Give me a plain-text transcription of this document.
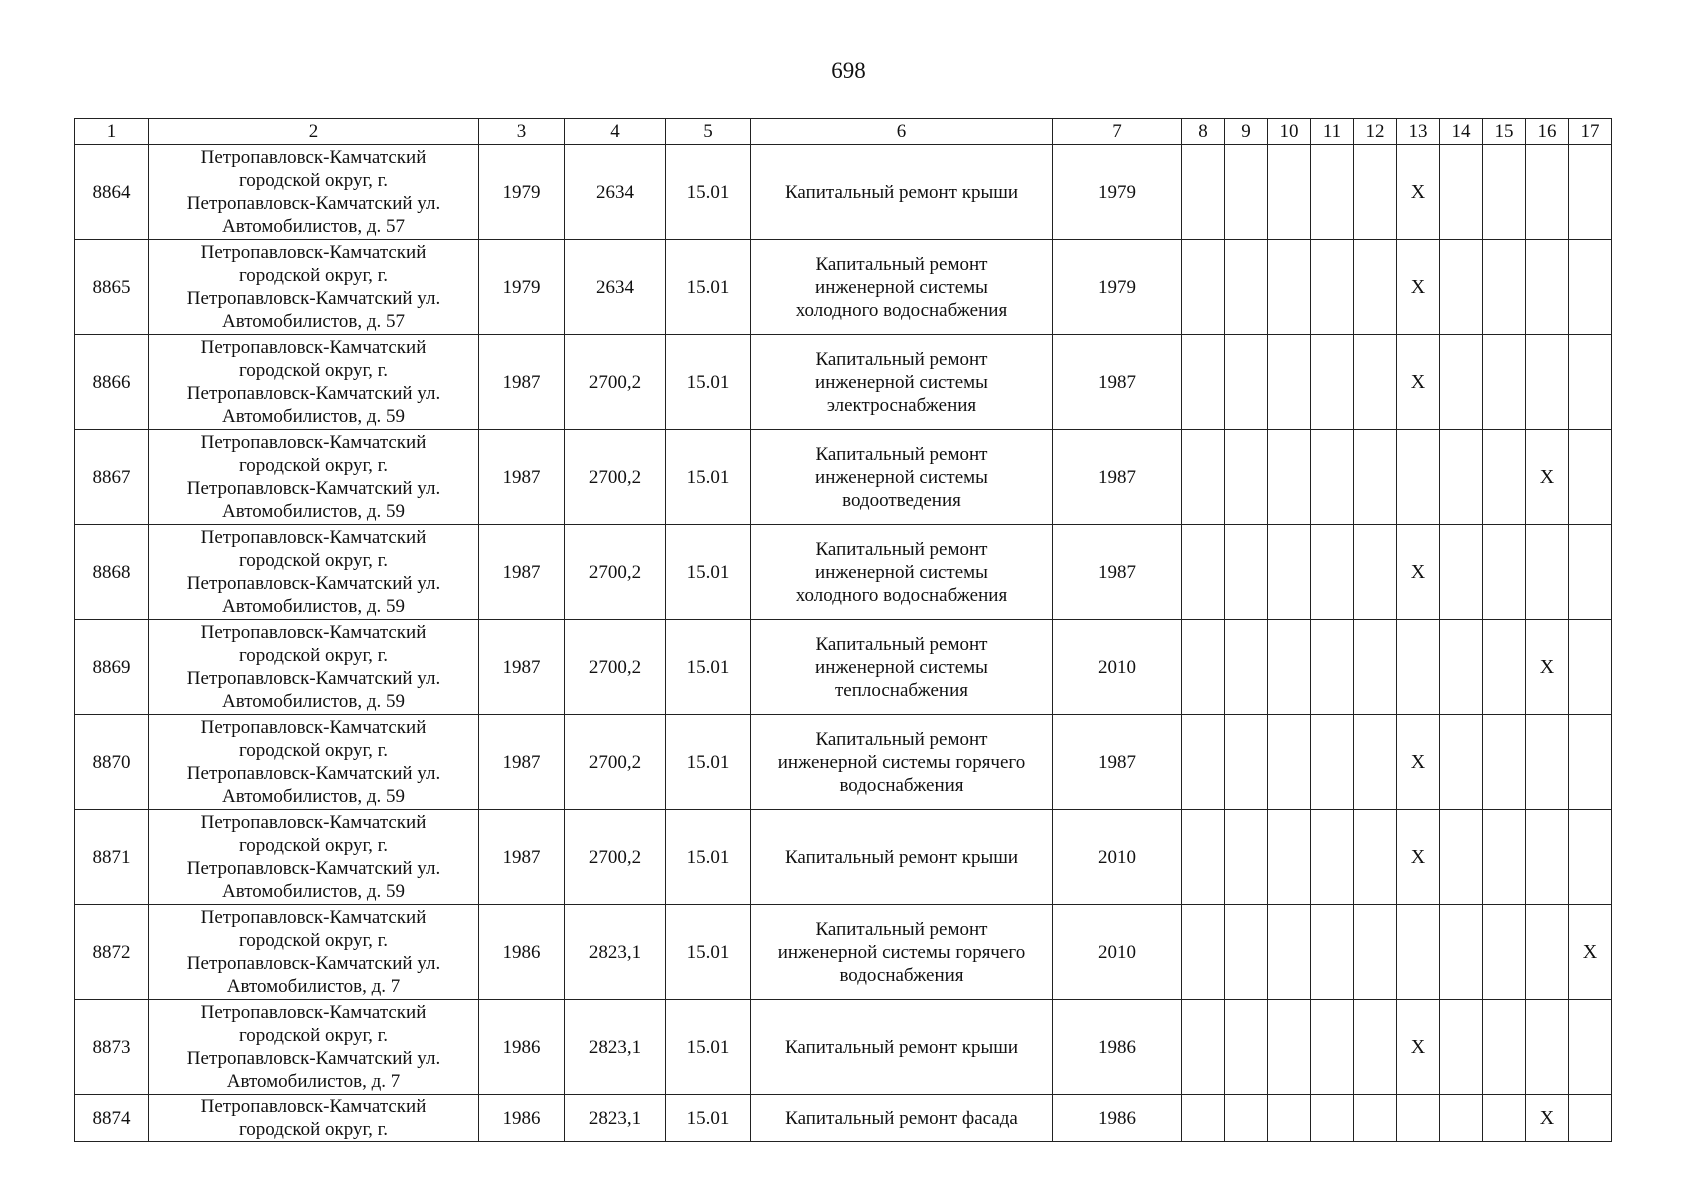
698
1	2	3	4	5	6	7	8	9	10	11	12	13	14	15	16	17
8864	Петропавловск-Камчатский
городской округ, г.
Петропавловск-Камчатский ул.
Автомобилистов, д. 57	1979	2634	15.01	Капитальный ремонт крыши	1979						X				
8865	Петропавловск-Камчатский
городской округ, г.
Петропавловск-Камчатский ул.
Автомобилистов, д. 57	1979	2634	15.01	Капитальный ремонт
инженерной системы
холодного водоснабжения	1979						X				
8866	Петропавловск-Камчатский
городской округ, г.
Петропавловск-Камчатский ул.
Автомобилистов, д. 59	1987	2700,2	15.01	Капитальный ремонт
инженерной системы
электроснабжения	1987						X				
8867	Петропавловск-Камчатский
городской округ, г.
Петропавловск-Камчатский ул.
Автомобилистов, д. 59	1987	2700,2	15.01	Капитальный ремонт
инженерной системы
водоотведения	1987									X	
8868	Петропавловск-Камчатский
городской округ, г.
Петропавловск-Камчатский ул.
Автомобилистов, д. 59	1987	2700,2	15.01	Капитальный ремонт
инженерной системы
холодного водоснабжения	1987						X				
8869	Петропавловск-Камчатский
городской округ, г.
Петропавловск-Камчатский ул.
Автомобилистов, д. 59	1987	2700,2	15.01	Капитальный ремонт
инженерной системы
теплоснабжения	2010									X	
8870	Петропавловск-Камчатский
городской округ, г.
Петропавловск-Камчатский ул.
Автомобилистов, д. 59	1987	2700,2	15.01	Капитальный ремонт
инженерной системы горячего
водоснабжения	1987						X				
8871	Петропавловск-Камчатский
городской округ, г.
Петропавловск-Камчатский ул.
Автомобилистов, д. 59	1987	2700,2	15.01	Капитальный ремонт крыши	2010						X				
8872	Петропавловск-Камчатский
городской округ, г.
Петропавловск-Камчатский ул.
Автомобилистов, д. 7	1986	2823,1	15.01	Капитальный ремонт
инженерной системы горячего
водоснабжения	2010										X
8873	Петропавловск-Камчатский
городской округ, г.
Петропавловск-Камчатский ул.
Автомобилистов, д. 7	1986	2823,1	15.01	Капитальный ремонт крыши	1986						X				
8874	Петропавловск-Камчатский
городской округ, г.	1986	2823,1	15.01	Капитальный ремонт фасада	1986									X	
